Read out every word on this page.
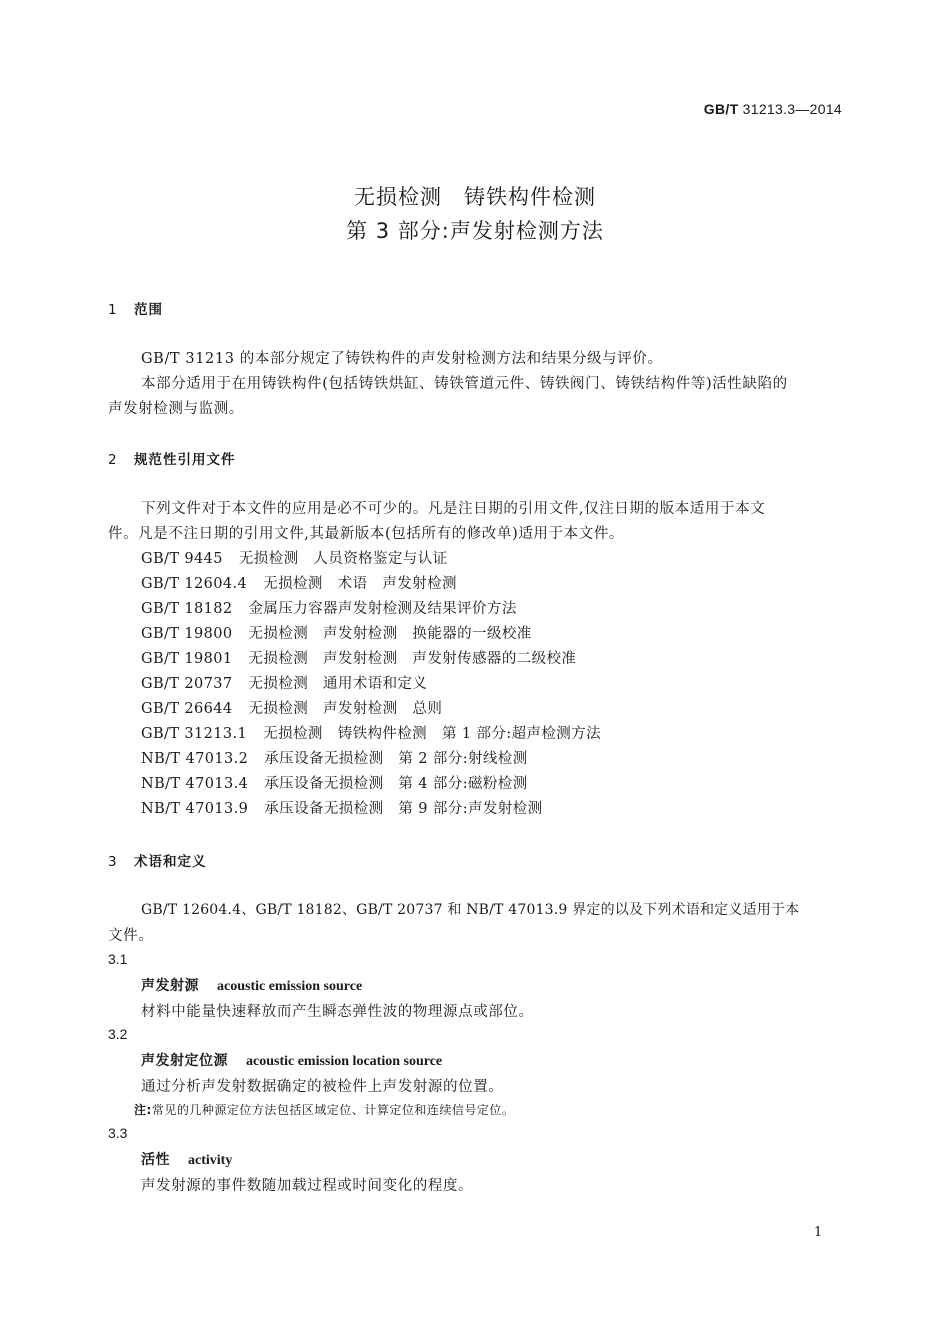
GB/T 31213.3—2014
无损检测　铸铁构件检测
第 3 部分:声发射检测方法
1 范围
GB/T 31213 的本部分规定了铸铁构件的声发射检测方法和结果分级与评价。
本部分适用于在用铸铁构件(包括铸铁烘缸、铸铁管道元件、铸铁阀门、铸铁结构件等)活性缺陷的
声发射检测与监测。
2 规范性引用文件
下列文件对于本文件的应用是必不可少的。凡是注日期的引用文件,仅注日期的版本适用于本文
件。凡是不注日期的引用文件,其最新版本(包括所有的修改单)适用于本文件。
GB/T 9445 无损检测　人员资格鉴定与认证
GB/T 12604.4 无损检测　术语　声发射检测
GB/T 18182 金属压力容器声发射检测及结果评价方法
GB/T 19800 无损检测　声发射检测　换能器的一级校准
GB/T 19801 无损检测　声发射检测　声发射传感器的二级校准
GB/T 20737 无损检测　通用术语和定义
GB/T 26644 无损检测　声发射检测　总则
GB/T 31213.1 无损检测　铸铁构件检测　第 1 部分:超声检测方法
NB/T 47013.2 承压设备无损检测　第 2 部分:射线检测
NB/T 47013.4 承压设备无损检测　第 4 部分:磁粉检测
NB/T 47013.9 承压设备无损检测　第 9 部分:声发射检测
3 术语和定义
GB/T 12604.4、GB/T 18182、GB/T 20737 和 NB/T 47013.9 界定的以及下列术语和定义适用于本
文件。
3.1
声发射源 acoustic emission source
材料中能量快速释放而产生瞬态弹性波的物理源点或部位。
3.2
声发射定位源 acoustic emission location source
通过分析声发射数据确定的被检件上声发射源的位置。
注:常见的几种源定位方法包括区域定位、计算定位和连续信号定位。
3.3
活性 activity
声发射源的事件数随加载过程或时间变化的程度。
1
